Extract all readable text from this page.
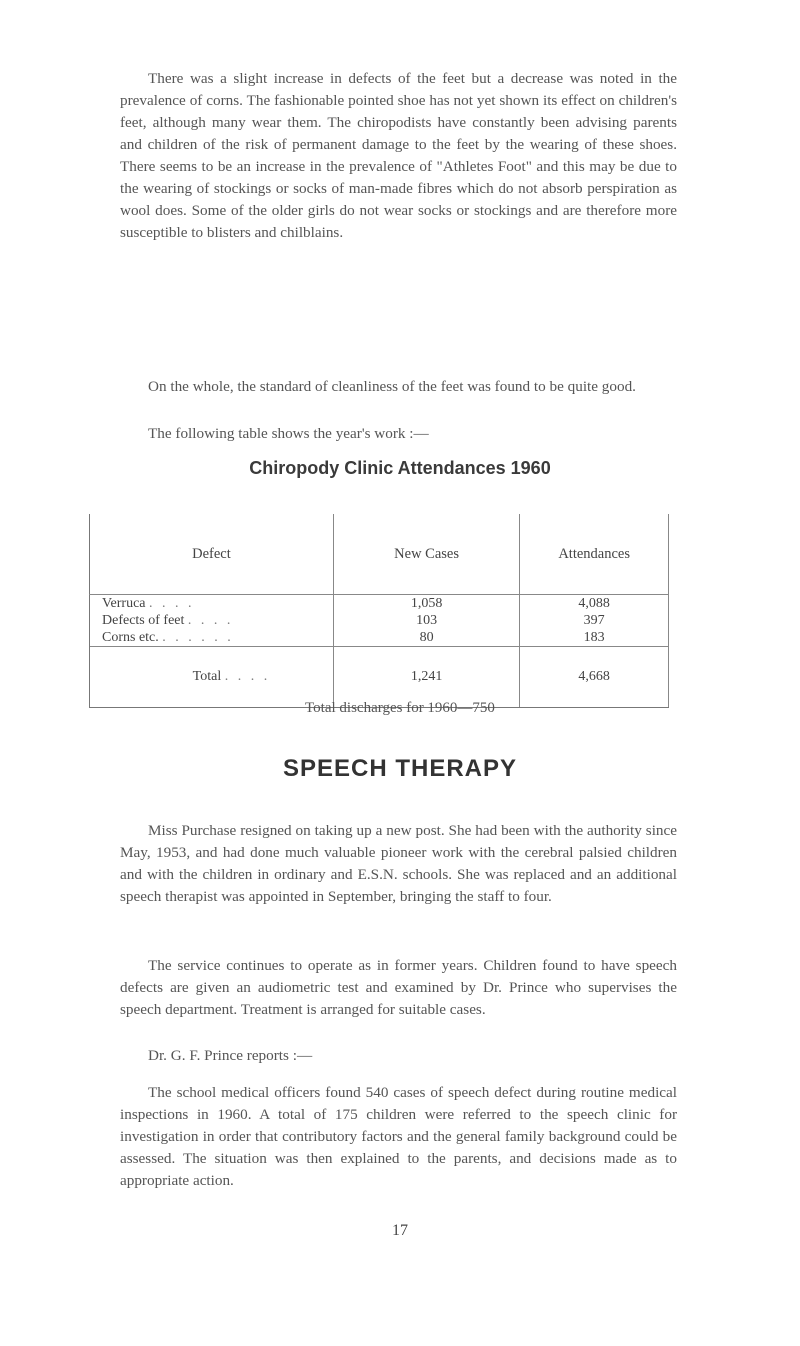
There was a slight increase in defects of the feet but a decrease was noted in the prevalence of corns. The fashionable pointed shoe has not yet shown its effect on children's feet, although many wear them. The chiropodists have constantly been advising parents and children of the risk of permanent damage to the feet by the wearing of these shoes. There seems to be an increase in the prevalence of "Athletes Foot" and this may be due to the wearing of stockings or socks of man-made fibres which do not absorb perspiration as wool does. Some of the older girls do not wear socks or stockings and are therefore more susceptible to blisters and chilblains.

On the whole, the standard of cleanliness of the feet was found to be quite good.

The following table shows the year's work :—

Chiropody Clinic Attendances 1960

Defect	New Cases	Attendances
Verruca . . . .	1,058	4,088
Defects of feet . . . .	103	397
Corns etc. . . . . . .	80	183
Total . . . .	1,241	4,668

Total discharges for 1960—750

SPEECH THERAPY

Miss Purchase resigned on taking up a new post. She had been with the authority since May, 1953, and had done much valuable pioneer work with the cerebral palsied children and with the children in ordinary and E.S.N. schools. She was replaced and an additional speech therapist was appointed in September, bringing the staff to four.

The service continues to operate as in former years. Children found to have speech defects are given an audiometric test and examined by Dr. Prince who supervises the speech department. Treatment is arranged for suitable cases.

Dr. G. F. Prince reports :—

The school medical officers found 540 cases of speech defect during routine medical inspections in 1960. A total of 175 children were referred to the speech clinic for investigation in order that contributory factors and the general family background could be assessed. The situation was then explained to the parents, and decisions made as to appropriate action.

17
